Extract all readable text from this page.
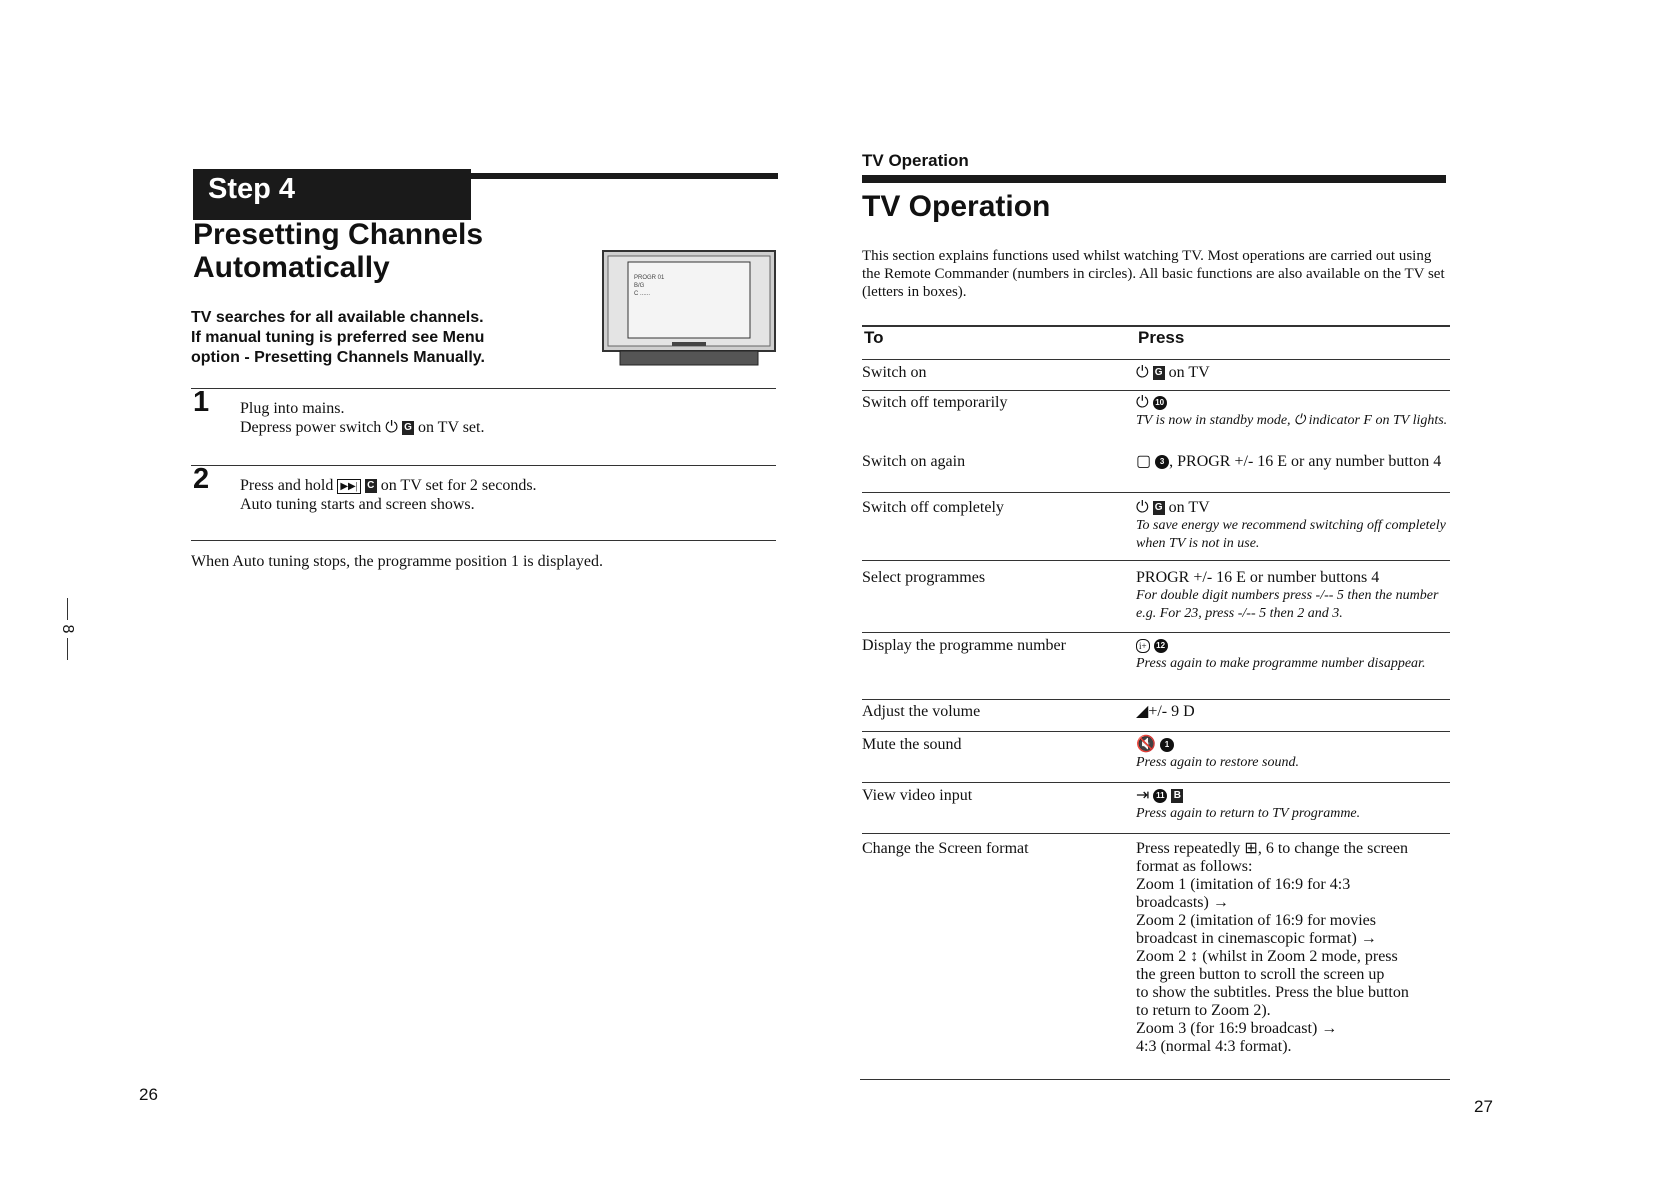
Step 4
Presetting Channels
Automatically
TV searches for all available channels.
If manual tuning is preferred see Menu
option - Presetting Channels Manually.
PROGR 01
B/G
C ......
1 Plug into mains.
Depress power switch ⏻ G on TV set.
2 Press and hold ▶▶| C on TV set for 2 seconds.
Auto tuning starts and screen shows.
When Auto tuning stops, the programme position 1 is displayed.
8
26
TV Operation
TV Operation
This section explains functions used whilst watching TV. Most operations are carried out using the Remote Commander (numbers in circles). All basic functions are also available on the TV set (letters in boxes).
To	Press
Switch on	⏻ G on TV
Switch off temporarily	⏻ 10
TV is now in standby mode, ⏻ indicator F on TV lights.
Switch on again	▢ 3 , PROGR +/- 16 E or any number button 4
Switch off completely	⏻ G on TV
To save energy we recommend switching off completely when TV is not in use.
Select programmes	PROGR +/- 16 E or number buttons 4
For double digit numbers press -/-- 5 then the number e.g. For 23, press -/-- 5 then 2 and 3.
Display the programme number	i+ 12
Press again to make programme number disappear.
Adjust the volume	◢+/- 9 D
Mute the sound	🔇 1
Press again to restore sound.
View video input	⇥ 11 B
Press again to return to TV programme.
Change the Screen format	Press repeatedly ⊞, 6 to change the screen format as follows:
Zoom 1 (imitation of 16:9 for 4:3
broadcasts) →
Zoom 2 (imitation of 16:9 for movies
broadcast in cinemascopic format) →
Zoom 2 ↕ (whilst in Zoom 2 mode, press
the green button to scroll the screen up
to show the subtitles. Press the blue button
to return to Zoom 2).
Zoom 3 (for 16:9 broadcast) →
4:3 (normal 4:3 format).
27
